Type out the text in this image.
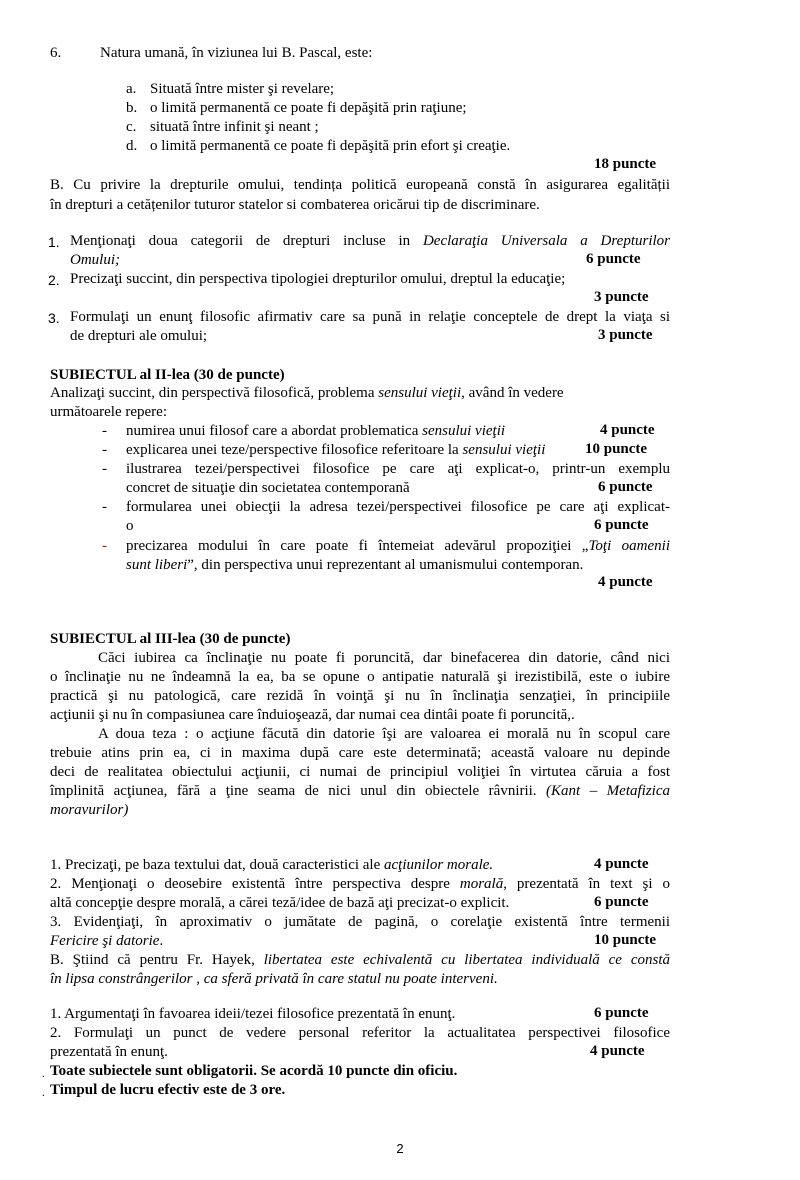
6.	Natura umană, în viziunea lui B. Pascal, este:
a. Situată între mister şi revelare;
b. o limită permanentă ce poate fi depăşită prin raţiune;
c. situată între infinit şi neant ;
d. o limită permanentă ce poate fi depăşită prin efort şi creaţie.
18 puncte
B. Cu privire la drepturile omului, tendința politică europeană constă în asigurarea egalității
în drepturi a cetățenilor tuturor statelor si combaterea oricărui tip de discriminare.
1. Menţionaţi doua categorii de drepturi incluse in Declaraţia Universala a Drepturilor
Omului;	6 puncte
2. Precizaţi succint, din perspectiva tipologiei drepturilor omului, dreptul la educaţie;
3 puncte
3. Formulaţi un enunţ filosofic afirmativ care sa pună in relaţie conceptele de drept la viaţa si
de drepturi ale omului;	3 puncte
SUBIECTUL al II-lea (30 de puncte)
Analizaţi succint, din perspectivă filosofică, problema sensului vieţii, având în vedere
următoarele repere:
- numirea unui filosof care a abordat problematica sensului vieţii	4 puncte
- explicarea unei teze/perspective filosofice referitoare la sensului vieţii	10 puncte
- ilustrarea tezei/perspectivei filosofice pe care aţi explicat-o, printr-un exemplu
concret de situaţie din societatea contemporană	6 puncte
- formularea unei obiecţii la adresa tezei/perspectivei filosofice pe care aţi explicat-
o	6 puncte
- precizarea modului în care poate fi întemeiat adevărul propoziţiei „Toţi oamenii
sunt liberi”, din perspectiva unui reprezentant al umanismului contemporan.
4 puncte
SUBIECTUL al III-lea (30 de puncte)
Căci iubirea ca înclinaţie nu poate fi poruncită, dar binefacerea din datorie, când nici
o înclinaţie nu ne îndeamnă la ea, ba se opune o antipatie naturală şi irezistibilă, este o iubire
practică şi nu patologică, care rezidă în voinţă şi nu în înclinaţia senzaţiei, în principiile
acţiunii şi nu în compasiunea care înduioşează, dar numai cea dintâi poate fi poruncită,.
A doua teza : o acţiune făcută din datorie îşi are valoarea ei morală nu în scopul care
trebuie atins prin ea, ci in maxima după care este determinată; această valoare nu depinde
deci de realitatea obiectului acţiunii, ci numai de principiul voliţiei în virtutea căruia a fost
împlinită acţiunea, fără a ţine seama de nici unul din obiectele râvnirii. (Kant – Metafizica
moravurilor)
1. Precizaţi, pe baza textului dat, două caracteristici ale acţiunilor morale.	4 puncte
2. Menţionaţi o deosebire existentă între perspectiva despre morală, prezentată în text şi o
altă concepţie despre morală, a cărei teză/idee de bază aţi precizat-o explicit.	6 puncte
3. Evidenţiaţi, în aproximativ o jumătate de pagină, o corelaţie existentă între termenii
Fericire şi datorie.	10 puncte
B. Ştiind că pentru Fr. Hayek, libertatea este echivalentă cu libertatea individuală ce constă
în lipsa constrângerilor , ca sferă privată în care statul nu poate interveni.
1. Argumentaţi în favoarea ideii/tezei filosofice prezentată în enunţ.	6 puncte
2. Formulaţi un punct de vedere personal referitor la actualitatea perspectivei filosofice
prezentată în enunţ.	4 puncte
. Toate subiectele sunt obligatorii. Se acordă 10 puncte din oficiu.
. Timpul de lucru efectiv este de 3 ore.
2
